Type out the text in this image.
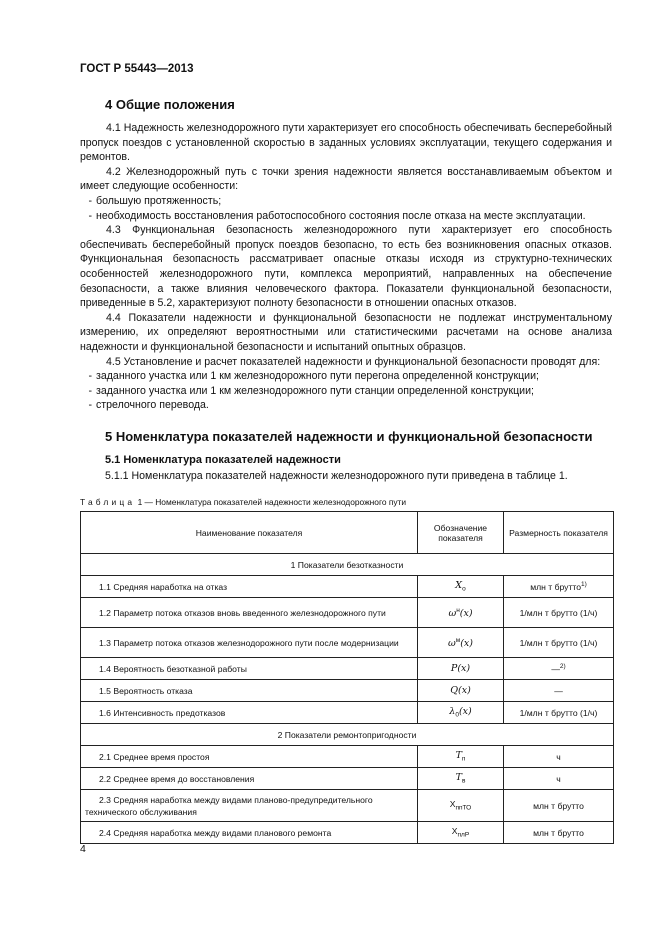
ГОСТ Р 55443—2013
4 Общие положения

4.1 Надежность железнодорожного пути характеризует его способность обеспечивать бесперебойный пропуск поездов с установленной скоростью в заданных условиях эксплуатации, текущего содержания и ремонтов.

4.2 Железнодорожный путь с точки зрения надежности является восстанавливаемым объектом и имеет следующие особенности:

- большую протяженность;

- необходимость восстановления работоспособного состояния после отказа на месте эксплуатации.

4.3 Функциональная безопасность железнодорожного пути характеризует его способность обеспечивать бесперебойный пропуск поездов безопасно, то есть без возникновения опасных отказов. Функциональная безопасность рассматривает опасные отказы исходя из структурно-технических особенностей железнодорожного пути, комплекса мероприятий, направленных на обеспечение безопасности, а также влияния человеческого фактора. Показатели функциональной безопасности, приведенные в 5.2, характеризуют полноту безопасности в отношении опасных отказов.

4.4 Показатели надежности и функциональной безопасности не подлежат инструментальному измерению, их определяют вероятностными или статистическими расчетами на основе анализа надежности и функциональной безопасности и испытаний опытных образцов.

4.5 Установление и расчет показателей надежности и функциональной безопасности проводят для:

- заданного участка или 1 км железнодорожного пути перегона определенной конструкции;

- заданного участка или 1 км железнодорожного пути станции определенной конструкции;

- стрелочного перевода.

5 Номенклатура показателей надежности и функциональной безопасности
5.1 Номенклатура показателей надежности
5.1.1 Номенклатура показателей надежности железнодорожного пути приведена в таблице 1.
Таблица 1 — Номенклатура показателей надежности железнодорожного пути
Наименование показателя	Обозначение показателя	Размерность показателя
1 Показатели безотказности		
1.1 Средняя наработка на отказ	$X_о$	млн т брутто$^{1)}$
1.2 Параметр потока отказов вновь введенного железнодорожного пути	$\omega^н(x)$	1/млн т брутто (1/ч)
1.3 Параметр потока отказов железнодорожного пути после модернизации	$\omega^м(x)$	1/млн т брутто (1/ч)
1.4 Вероятность безотказной работы	P(x)	—$^{2)}$
1.5 Вероятность отказа	Q(x)	—
1.6 Интенсивность предотказов	$\lambda_0(x)$	1/млн т брутто (1/ч)
2 Показатели ремонтопригодности		
2.1 Среднее время простоя	$T_п$	ч
2.2 Среднее время до восстановления	$T_в$	ч
2.3 Средняя наработка между видами планово-предупредительного технического обслуживания	$X_{ппТО}$	млн т брутто
2.4 Средняя наработка между видами планового ремонта	$X_{плР}$	млн т брутто
4
